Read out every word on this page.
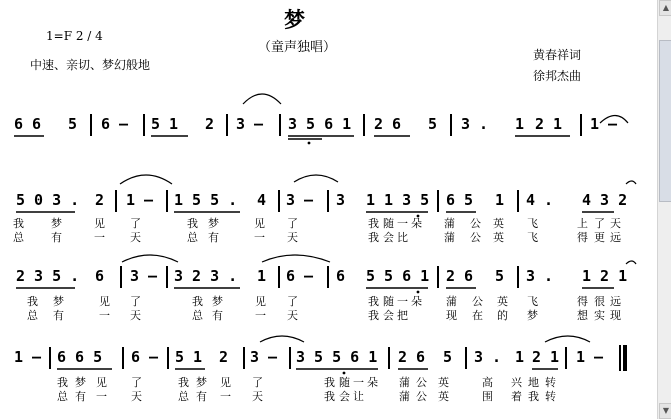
梦
（童声独唱）
1=F 2 / 4
中速、亲切、梦幻般地
黄春祥词
徐邦杰曲
6 6 5 6 – 5 1 2 3 – 3 5 6 1 2 6 5 3 . 1 2 1 1 –
5 0 3 . 2 1 – 1 5 5 . 4 3 – 3 1 1 3 5 6 5 1 4 . 4 3 2
2 3 5 . 6 3 – 3 2 3 . 1 6 – 6 5 5 6 1 2 6 5 3 . 1 2 1
1 – 6 6 5 6 – 5 1 2 3 – 3 5 5 6 1 2 6 5 3 . 1 2 1 1 –
我 梦	见 了	我 梦	见 了	我 随 一 朵 蒲 公 英 飞	上 了 天
总 有	一 天	总 有	一 天	我 会 比	蒲 公 英 飞	得 更 远
我 梦	见 了	我 梦	见 了	我 随 一 朵 蒲 公 英 飞	得 很 远
总 有	一 天	总 有	一 天	我 会 把	现 在 的 梦	想 实 现
我 梦 见 了	我 梦 见 了	我 随 一 朵 蒲 公 英	高 兴 地 转
总 有 一 天	总 有 一 天	我 会 让	蒲 公 英	围 着 我 转
▲
▼
